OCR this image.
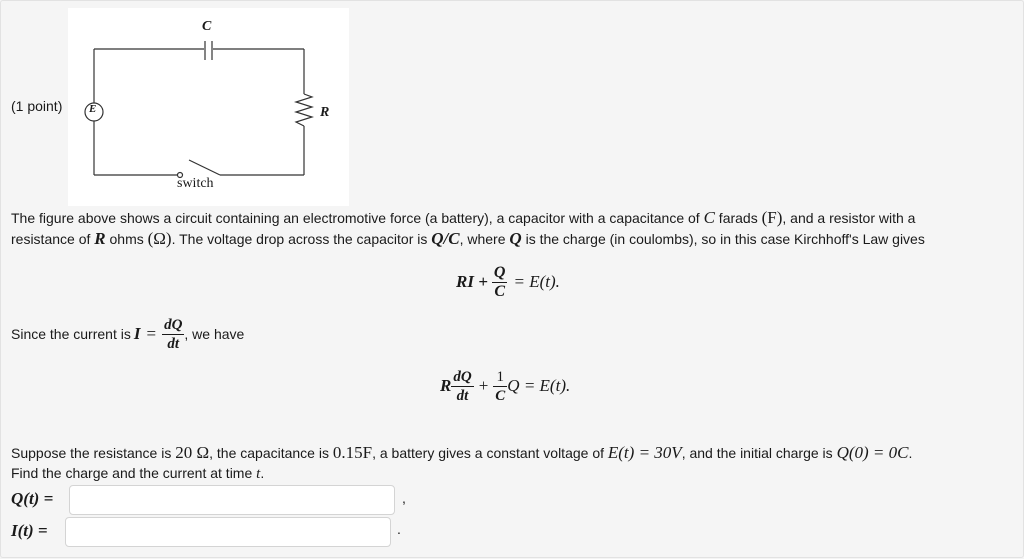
(1 point)
C
E	R
switch
The figure above shows a circuit containing an electromotive force (a battery), a capacitor with a capacitance of C farads (F), and a resistor with a
resistance of R ohms (Ω). The voltage drop across the capacitor is Q/C, where Q is the charge (in coulombs), so in this case Kirchhoff's Law gives
RI + $\frac{Q}{C} = E(t)$.
Since the current is $I = \frac{dQ}{dt}$ , we have
R $\frac{dQ}{dt} + \frac{1}{C}$ Q = E(t).
Suppose the resistance is 20 Ω, the capacitance is 0.15F, a battery gives a constant voltage of E(t) = 30V, and the initial charge is Q(0) = 0C.
Find the charge and the current at time t.
Q(t) =	,
I(t) =	.
